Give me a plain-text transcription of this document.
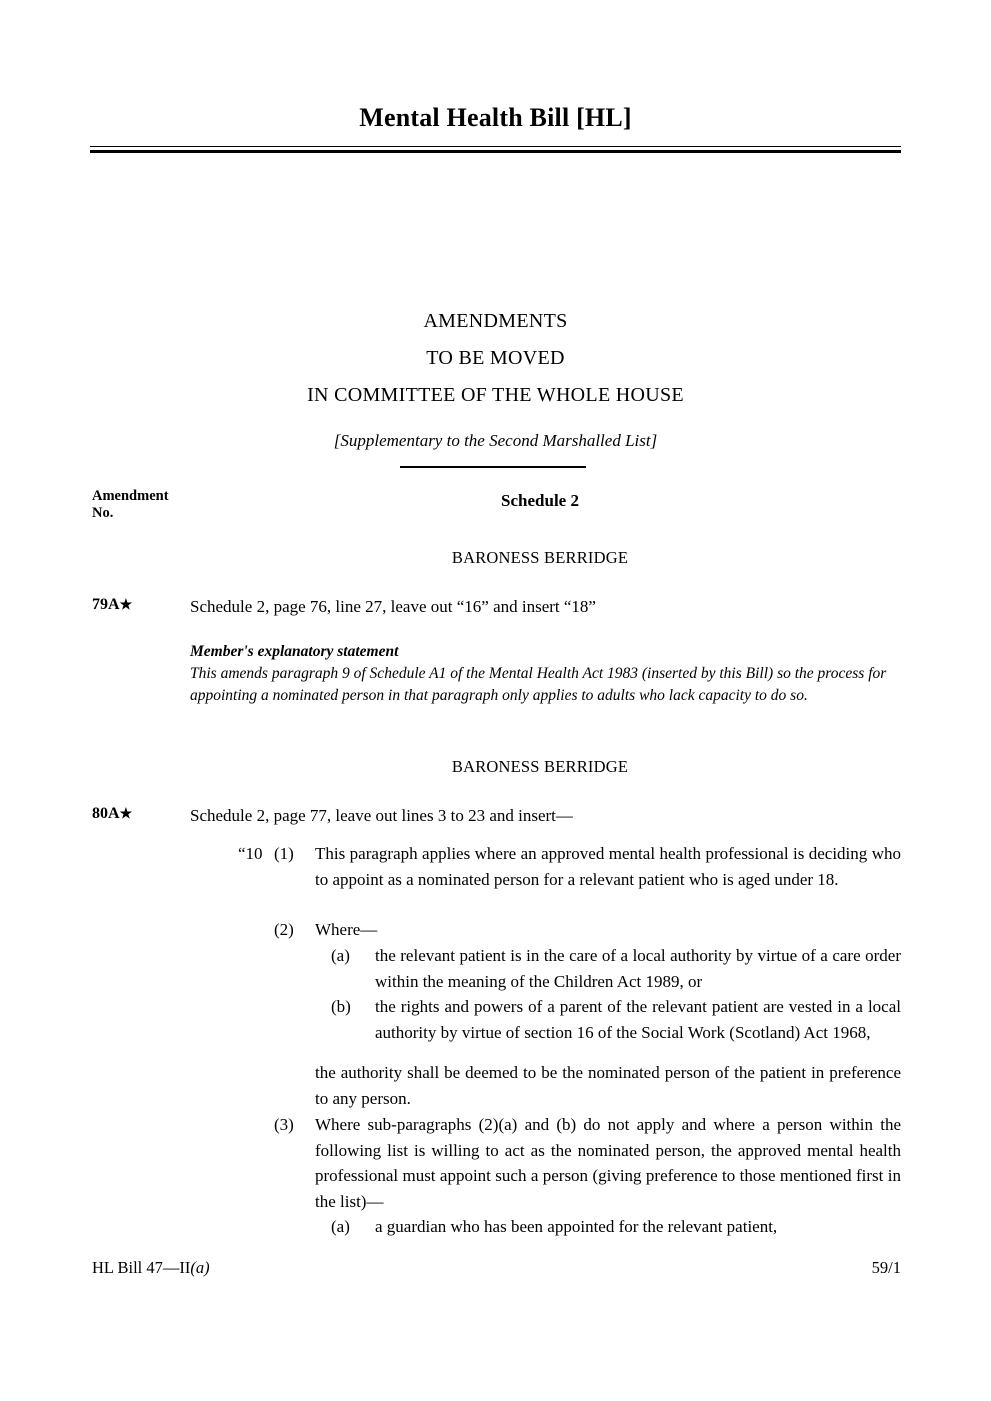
Mental Health Bill [HL]
AMENDMENTS
TO BE MOVED
IN COMMITTEE OF THE WHOLE HOUSE
[Supplementary to the Second Marshalled List]
Amendment
No.
Schedule 2
BARONESS BERRIDGE
79A★	Schedule 2, page 76, line 27, leave out “16” and insert “18”
Member's explanatory statement
This amends paragraph 9 of Schedule A1 of the Mental Health Act 1983 (inserted by this Bill) so the process for appointing a nominated person in that paragraph only applies to adults who lack capacity to do so.
BARONESS BERRIDGE
80A★	Schedule 2, page 77, leave out lines 3 to 23 and insert—
“10 (1) This paragraph applies where an approved mental health professional is deciding who to appoint as a nominated person for a relevant patient who is aged under 18.
(2) Where—
(a) the relevant patient is in the care of a local authority by virtue of a care order within the meaning of the Children Act 1989, or
(b) the rights and powers of a parent of the relevant patient are vested in a local authority by virtue of section 16 of the Social Work (Scotland) Act 1968,
the authority shall be deemed to be the nominated person of the patient in preference to any person.
(3) Where sub-paragraphs (2)(a) and (b) do not apply and where a person within the following list is willing to act as the nominated person, the approved mental health professional must appoint such a person (giving preference to those mentioned first in the list)—
(a) a guardian who has been appointed for the relevant patient,
HL Bill 47—II(a)	59/1
